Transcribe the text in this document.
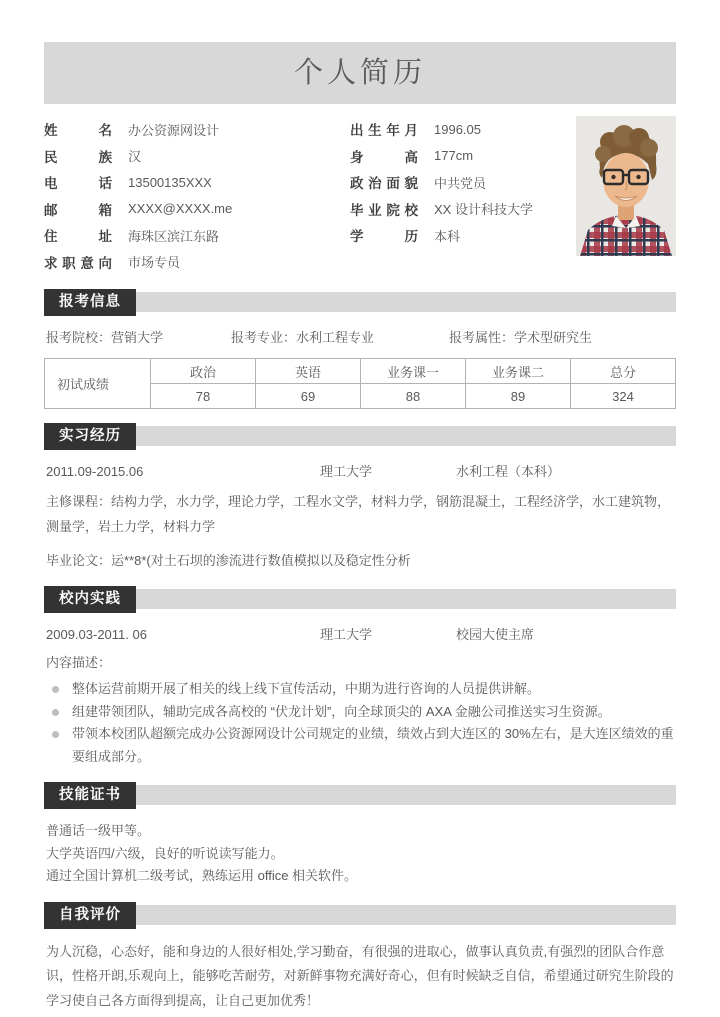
个人简历
姓名 办公资源网设计
民族 汉
电话 13500135XXX
邮箱 XXXX@XXXX.me
住址 海珠区滨江东路
求职意向 市场专员
出生年月 1996.05
身高 177cm
政治面貌 中共党员
毕业院校 XX 设计科技大学
学历 本科
报考信息
报考院校：营销大学	报考专业：水利工程专业	报考属性：学术型研究生
初试成绩	政治	英语	业务课一	业务课二	总分
	78	69	88	89	324
实习经历
2011.09-2015.06	理工大学	水利工程（本科）
主修课程：结构力学，水力学，理论力学，工程水文学，材料力学，钢筋混凝土，工程经济学，水工建筑物，测量学，岩土力学，材料力学
毕业论文：运**8*(对土石坝的渗流进行数值模拟以及稳定性分析
校内实践
2009.03-2011. 06	理工大学	校园大使主席
内容描述：
整体运营前期开展了相关的线上线下宣传活动，中期为进行咨询的人员提供讲解。
组建带领团队，辅助完成各高校的 “伏龙计划”，向全球顶尖的 AXA 金融公司推送实习生资源。
带领本校团队超额完成办公资源网设计公司规定的业绩，绩效占到大连区的 30%左右，是大连区绩效的重要组成部分。
技能证书
普通话一级甲等。
大学英语四/六级，良好的听说读写能力。
通过全国计算机二级考试，熟练运用 office 相关软件。
自我评价
为人沉稳，心态好，能和身边的人很好相处,学习勤奋，有很强的进取心，做事认真负责,有强烈的团队合作意识，性格开朗,乐观向上，能够吃苦耐劳，对新鲜事物充满好奇心，但有时候缺乏自信，希望通过研究生阶段的学习使自己各方面得到提高，让自己更加优秀！
